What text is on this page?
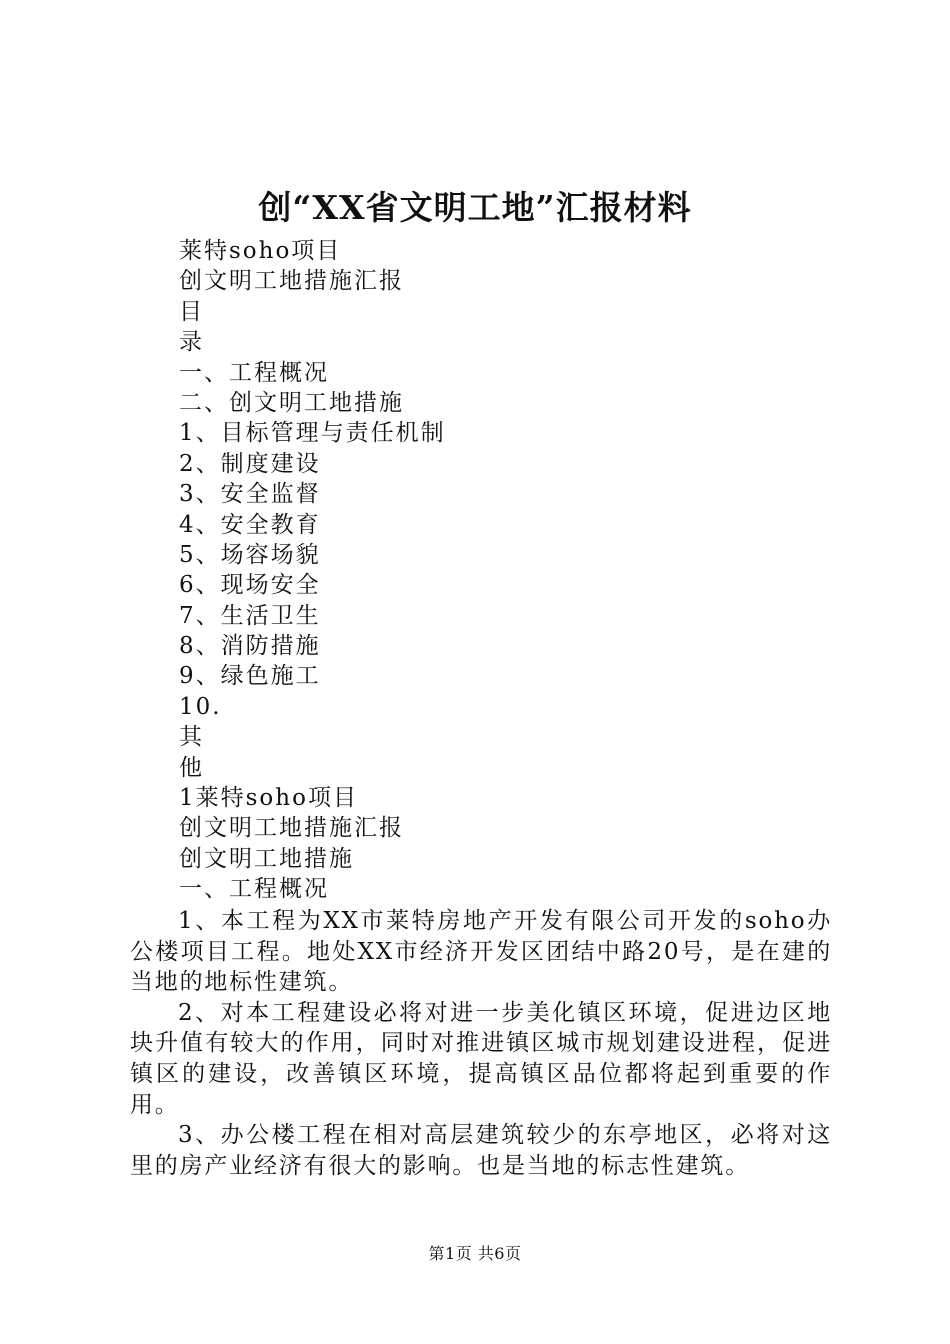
创“XX省文明工地”汇报材料
莱特soho项目
创文明工地措施汇报
目
录
一、工程概况
二、创文明工地措施
1、目标管理与责任机制
2、制度建设
3、安全监督
4、安全教育
5、场容场貌
6、现场安全
7、生活卫生
8、消防措施
9、绿色施工
10.
其
他
1莱特soho项目
创文明工地措施汇报
创文明工地措施
一、工程概况

1、本工程为XX市莱特房地产开发有限公司开发的soho办公楼项目工程。地处XX市经济开发区团结中路20号，是在建的当地的地标性建筑。

2、对本工程建设必将对进一步美化镇区环境，促进边区地块升值有较大的作用，同时对推进镇区城市规划建设进程，促进镇区的建设，改善镇区环境，提高镇区品位都将起到重要的作用。

3、办公楼工程在相对高层建筑较少的东亭地区，必将对这里的房产业经济有很大的影响。也是当地的标志性建筑。

第1页 共6页
